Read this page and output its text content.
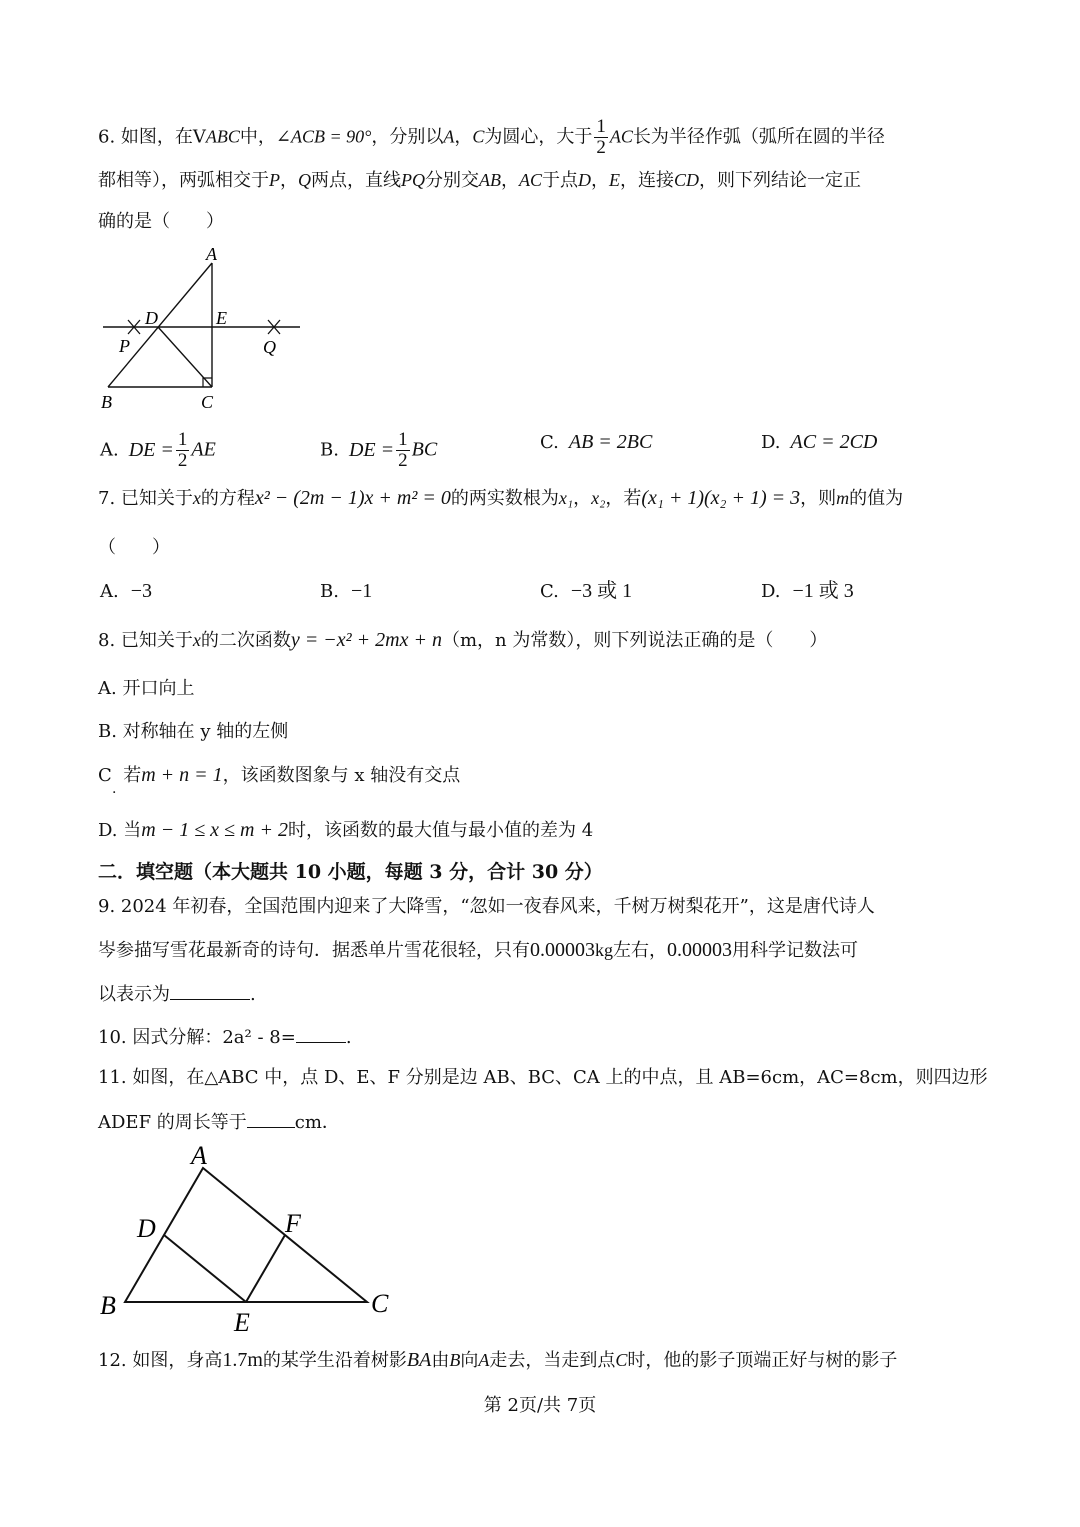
6. 如图，在VABC中，∠ACB = 90°，分别以A，C为圆心，大于 $\frac{1}{2}$ AC长为半径作弧（弧所在圆的半径
都相等），两弧相交于P，Q两点，直线PQ分别交AB，AC于点D，E，连接CD，则下列结论一定正
确的是（　　）
A
D	E
P	Q
B	C
A. DE = $\frac{1}{2}$ AE	B. DE = $\frac{1}{2}$ BC	C. AB = 2BC	D. AC = 2CD
7. 已知关于x的方程x² − (2m − 1)x + m² = 0的两实数根为x₁，x₂，若(x₁ + 1)(x₂ + 1) = 3，则m的值为
（　　）
A. −3	B. −1	C. −3 或 1	D. −1 或 3
8. 已知关于x的二次函数y = −x² + 2mx + n（m，n 为常数），则下列说法正确的是（　　）
A. 开口向上
B. 对称轴在 y 轴的左侧
C 若m + n = 1，该函数图象与 x 轴没有交点
·
D. 当m − 1 ≤ x ≤ m + 2时，该函数的最大值与最小值的差为 4
二．填空题（本大题共 10 小题，每题 3 分，合计 30 分）
9. 2024 年初春，全国范围内迎来了大降雪，“忽如一夜春风来，千树万树梨花开”，这是唐代诗人
岑参描写雪花最新奇的诗句．据悉单片雪花很轻，只有0.00003kg左右，0.00003用科学记数法可
以表示为	.
10. 因式分解：2a² ‑ 8=	.
11. 如图，在△ABC 中，点 D、E、F 分别是边 AB、BC、CA 上的中点，且 AB=6cm，AC=8cm，则四边形
ADEF 的周长等于	cm．
A
D	F
B
E
C
12. 如图，身高1.7m的某学生沿着树影BA由B向A走去，当走到点C时，他的影子顶端正好与树的影子
第 2页/共 7页
